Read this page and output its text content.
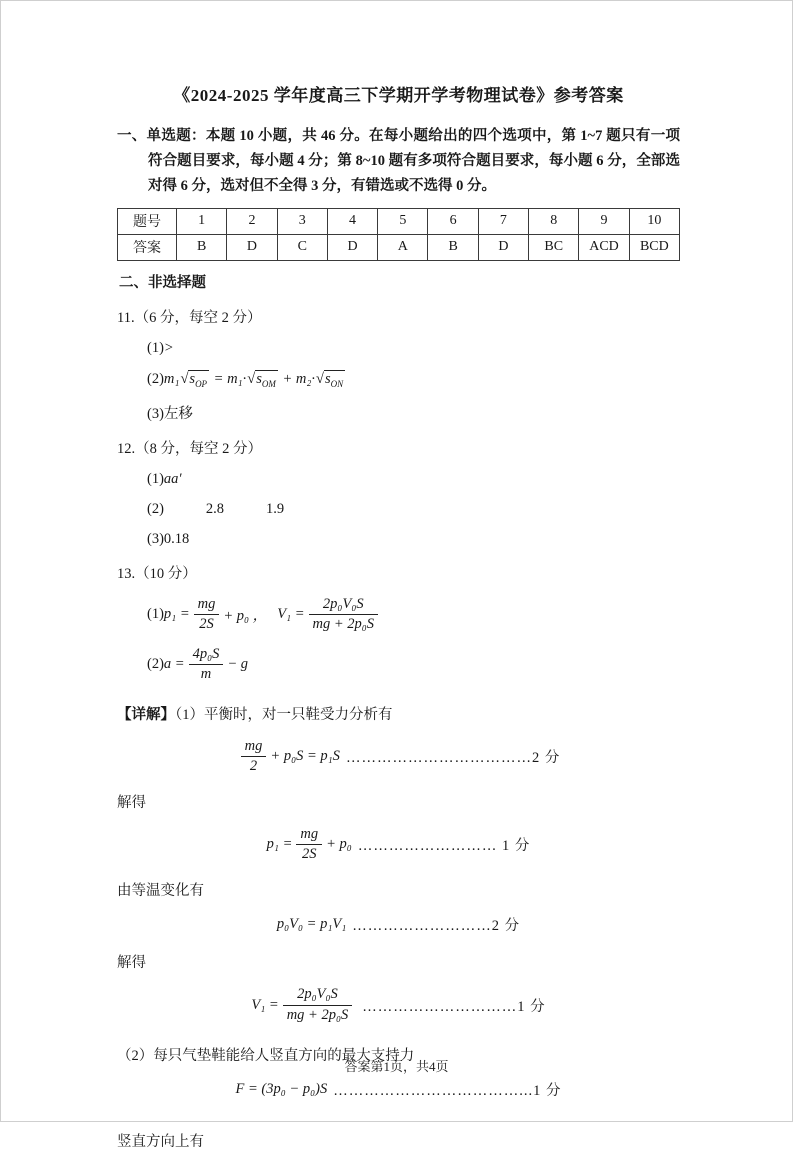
《2024-2025 学年度高三下学期开学考物理试卷》参考答案

一、单选题：本题 10 小题，共 46 分。在每小题给出的四个选项中，第 1~7 题只有一项符合题目要求，每小题 4 分；第 8~10 题有多项符合题目要求，每小题 6 分，全部选对得 6 分，选对但不全得 3 分，有错选或不选得 0 分。

题号	1	2	3	4	5	6	7	8	9	10
答案	B	D	C	D	A	B	D	BC	ACD	BCD
二、非选择题
11.（6 分，每空 2 分）
(1)>
(2)m₁ √ $s_{OP} = m_1\cdot$ √ $s_{OM} + m_2\cdot$ √ $s_{ON}$
(3)左移
12.（8 分，每空 2 分）
(1)aa′
(2)	2.8	1.9
(3)0.18
13.（10 分）
(1) $p_1 = \frac{mg}{2S} + p_0$ ， $V_1 = \frac{\text{2p₀V₀S}}{\text{mg + 2p₀S}}$
(2) $a = \frac{\text{4p₀S}}{m} - g$
【详解】（1）平衡时，对一只鞋受力分析有
$\frac{mg}{2} + p_0S = p_1S$ ………………………………2 分
解得
$p_1 = \frac{mg}{2S} + p_0$ ……………………… 1 分
由等温变化有
p₀V₀ = p₁V₁ ………………………2 分
解得
$V_1 = \frac{\text{2p₀V₀S}}{\text{mg + 2p₀S}}$ …………………………1 分
（2）每只气垫鞋能给人竖直方向的最大支持力
F = (3p₀ − p₀)S ………………………………...1 分
竖直方向上有
答案第1页，共4页
